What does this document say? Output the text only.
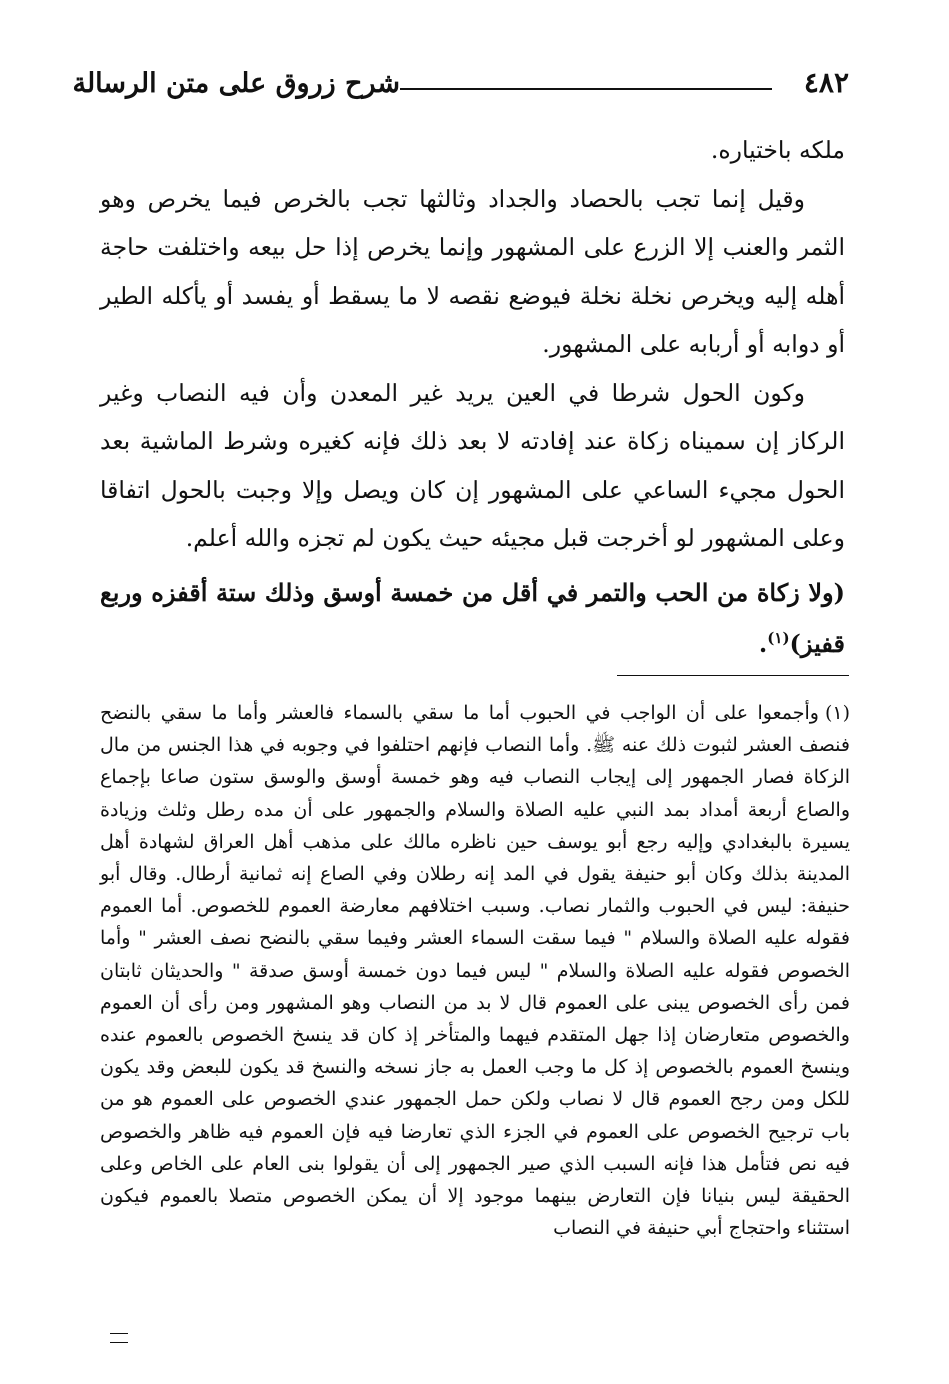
٤٨٢
شرح زروق على متن الرسالة

ملكه باختياره.

وقيل إنما تجب بالحصاد والجداد وثالثها تجب بالخرص فيما يخرص وهو الثمر والعنب إلا الزرع على المشهور وإنما يخرص إذا حل بيعه واختلفت حاجة أهله إليه ويخرص نخلة نخلة فيوضع نقصه لا ما يسقط أو يفسد أو يأكله الطير أو دوابه أو أربابه على المشهور.

وكون الحول شرطا في العين يريد غير المعدن وأن فيه النصاب وغير الركاز إن سميناه زكاة عند إفادته لا بعد ذلك فإنه كغيره وشرط الماشية بعد الحول مجيء الساعي على المشهور إن كان ويصل وإلا وجبت بالحول اتفاقا وعلى المشهور لو أخرجت قبل مجيئه حيث يكون لم تجزه والله أعلم.

(ولا زكاة من الحب والتمر في أقل من خمسة أوسق وذلك ستة أقفزه وربع قفيز)$^{(١)}$.

(١)وأجمعوا على أن الواجب في الحبوب أما ما سقي بالسماء فالعشر وأما ما سقي بالنضح فنصف العشر لثبوت ذلك عنه ﷺ. وأما النصاب فإنهم احتلفوا في وجوبه في هذا الجنس من مال الزكاة فصار الجمهور إلى إيجاب النصاب فيه وهو خمسة أوسق والوسق ستون صاعا بإجماع والصاع أربعة أمداد بمد النبي عليه الصلاة والسلام والجمهور على أن مده رطل وثلث وزيادة يسيرة بالبغدادي وإليه رجع أبو يوسف حين ناظره مالك على مذهب أهل العراق لشهادة أهل المدينة بذلك وكان أبو حنيفة يقول في المد إنه رطلان وفي الصاع إنه ثمانية أرطال. وقال أبو حنيفة: ليس في الحبوب والثمار نصاب. وسبب اختلافهم معارضة العموم للخصوص. أما العموم فقوله عليه الصلاة والسلام " فيما سقت السماء العشر وفيما سقي بالنضح نصف العشر " وأما الخصوص فقوله عليه الصلاة والسلام " ليس فيما دون خمسة أوسق صدقة " والحديثان ثابتان فمن رأى الخصوص يبنى على العموم قال لا بد من النصاب وهو المشهور ومن رأى أن العموم والخصوص متعارضان إذا جهل المتقدم فيهما والمتأخر إذ كان قد ينسخ الخصوص بالعموم عنده وينسخ العموم بالخصوص إذ كل ما وجب العمل به جاز نسخه والنسخ قد يكون للبعض وقد يكون للكل ومن رجح العموم قال لا نصاب ولكن حمل الجمهور عندي الخصوص على العموم هو من باب ترجيح الخصوص على العموم في الجزء الذي تعارضا فيه فإن العموم فيه ظاهر والخصوص فيه نص فتأمل هذا فإنه السبب الذي صير الجمهور إلى أن يقولوا بنى العام على الخاص وعلى الحقيقة ليس بنيانا فإن التعارض بينهما موجود إلا أن يمكن الخصوص متصلا بالعموم فيكون استثناء واحتجاج أبي حنيفة في النصاب
